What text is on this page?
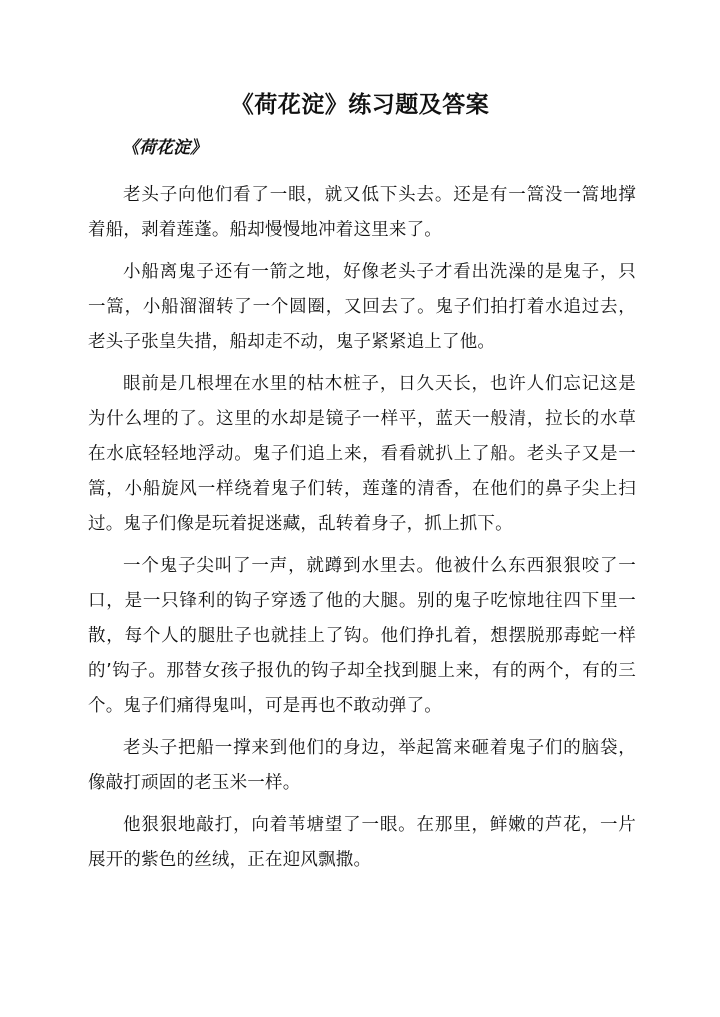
《荷花淀》练习题及答案
《荷花淀》

老头子向他们看了一眼，就又低下头去。还是有一篙没一篙地撑着船，剥着莲蓬。船却慢慢地冲着这里来了。

小船离鬼子还有一箭之地，好像老头子才看出洗澡的是鬼子，只一篙，小船溜溜转了一个圆圈，又回去了。鬼子们拍打着水追过去，老头子张皇失措，船却走不动，鬼子紧紧追上了他。

眼前是几根埋在水里的枯木桩子，日久天长，也许人们忘记这是为什么埋的了。这里的水却是镜子一样平，蓝天一般清，拉长的水草在水底轻轻地浮动。鬼子们追上来，看看就扒上了船。老头子又是一篙，小船旋风一样绕着鬼子们转，莲蓬的清香，在他们的鼻子尖上扫过。鬼子们像是玩着捉迷藏，乱转着身子，抓上抓下。

一个鬼子尖叫了一声，就蹲到水里去。他被什么东西狠狠咬了一口，是一只锋利的钩子穿透了他的大腿。别的鬼子吃惊地往四下里一散，每个人的腿肚子也就挂上了钩。他们挣扎着，想摆脱那毒蛇一样的’钩子。那替女孩子报仇的钩子却全找到腿上来，有的两个，有的三个。鬼子们痛得鬼叫，可是再也不敢动弹了。

老头子把船一撑来到他们的身边，举起篙来砸着鬼子们的脑袋，像敲打顽固的老玉米一样。

他狠狠地敲打，向着苇塘望了一眼。在那里，鲜嫩的芦花，一片展开的紫色的丝绒，正在迎风飘撒。
